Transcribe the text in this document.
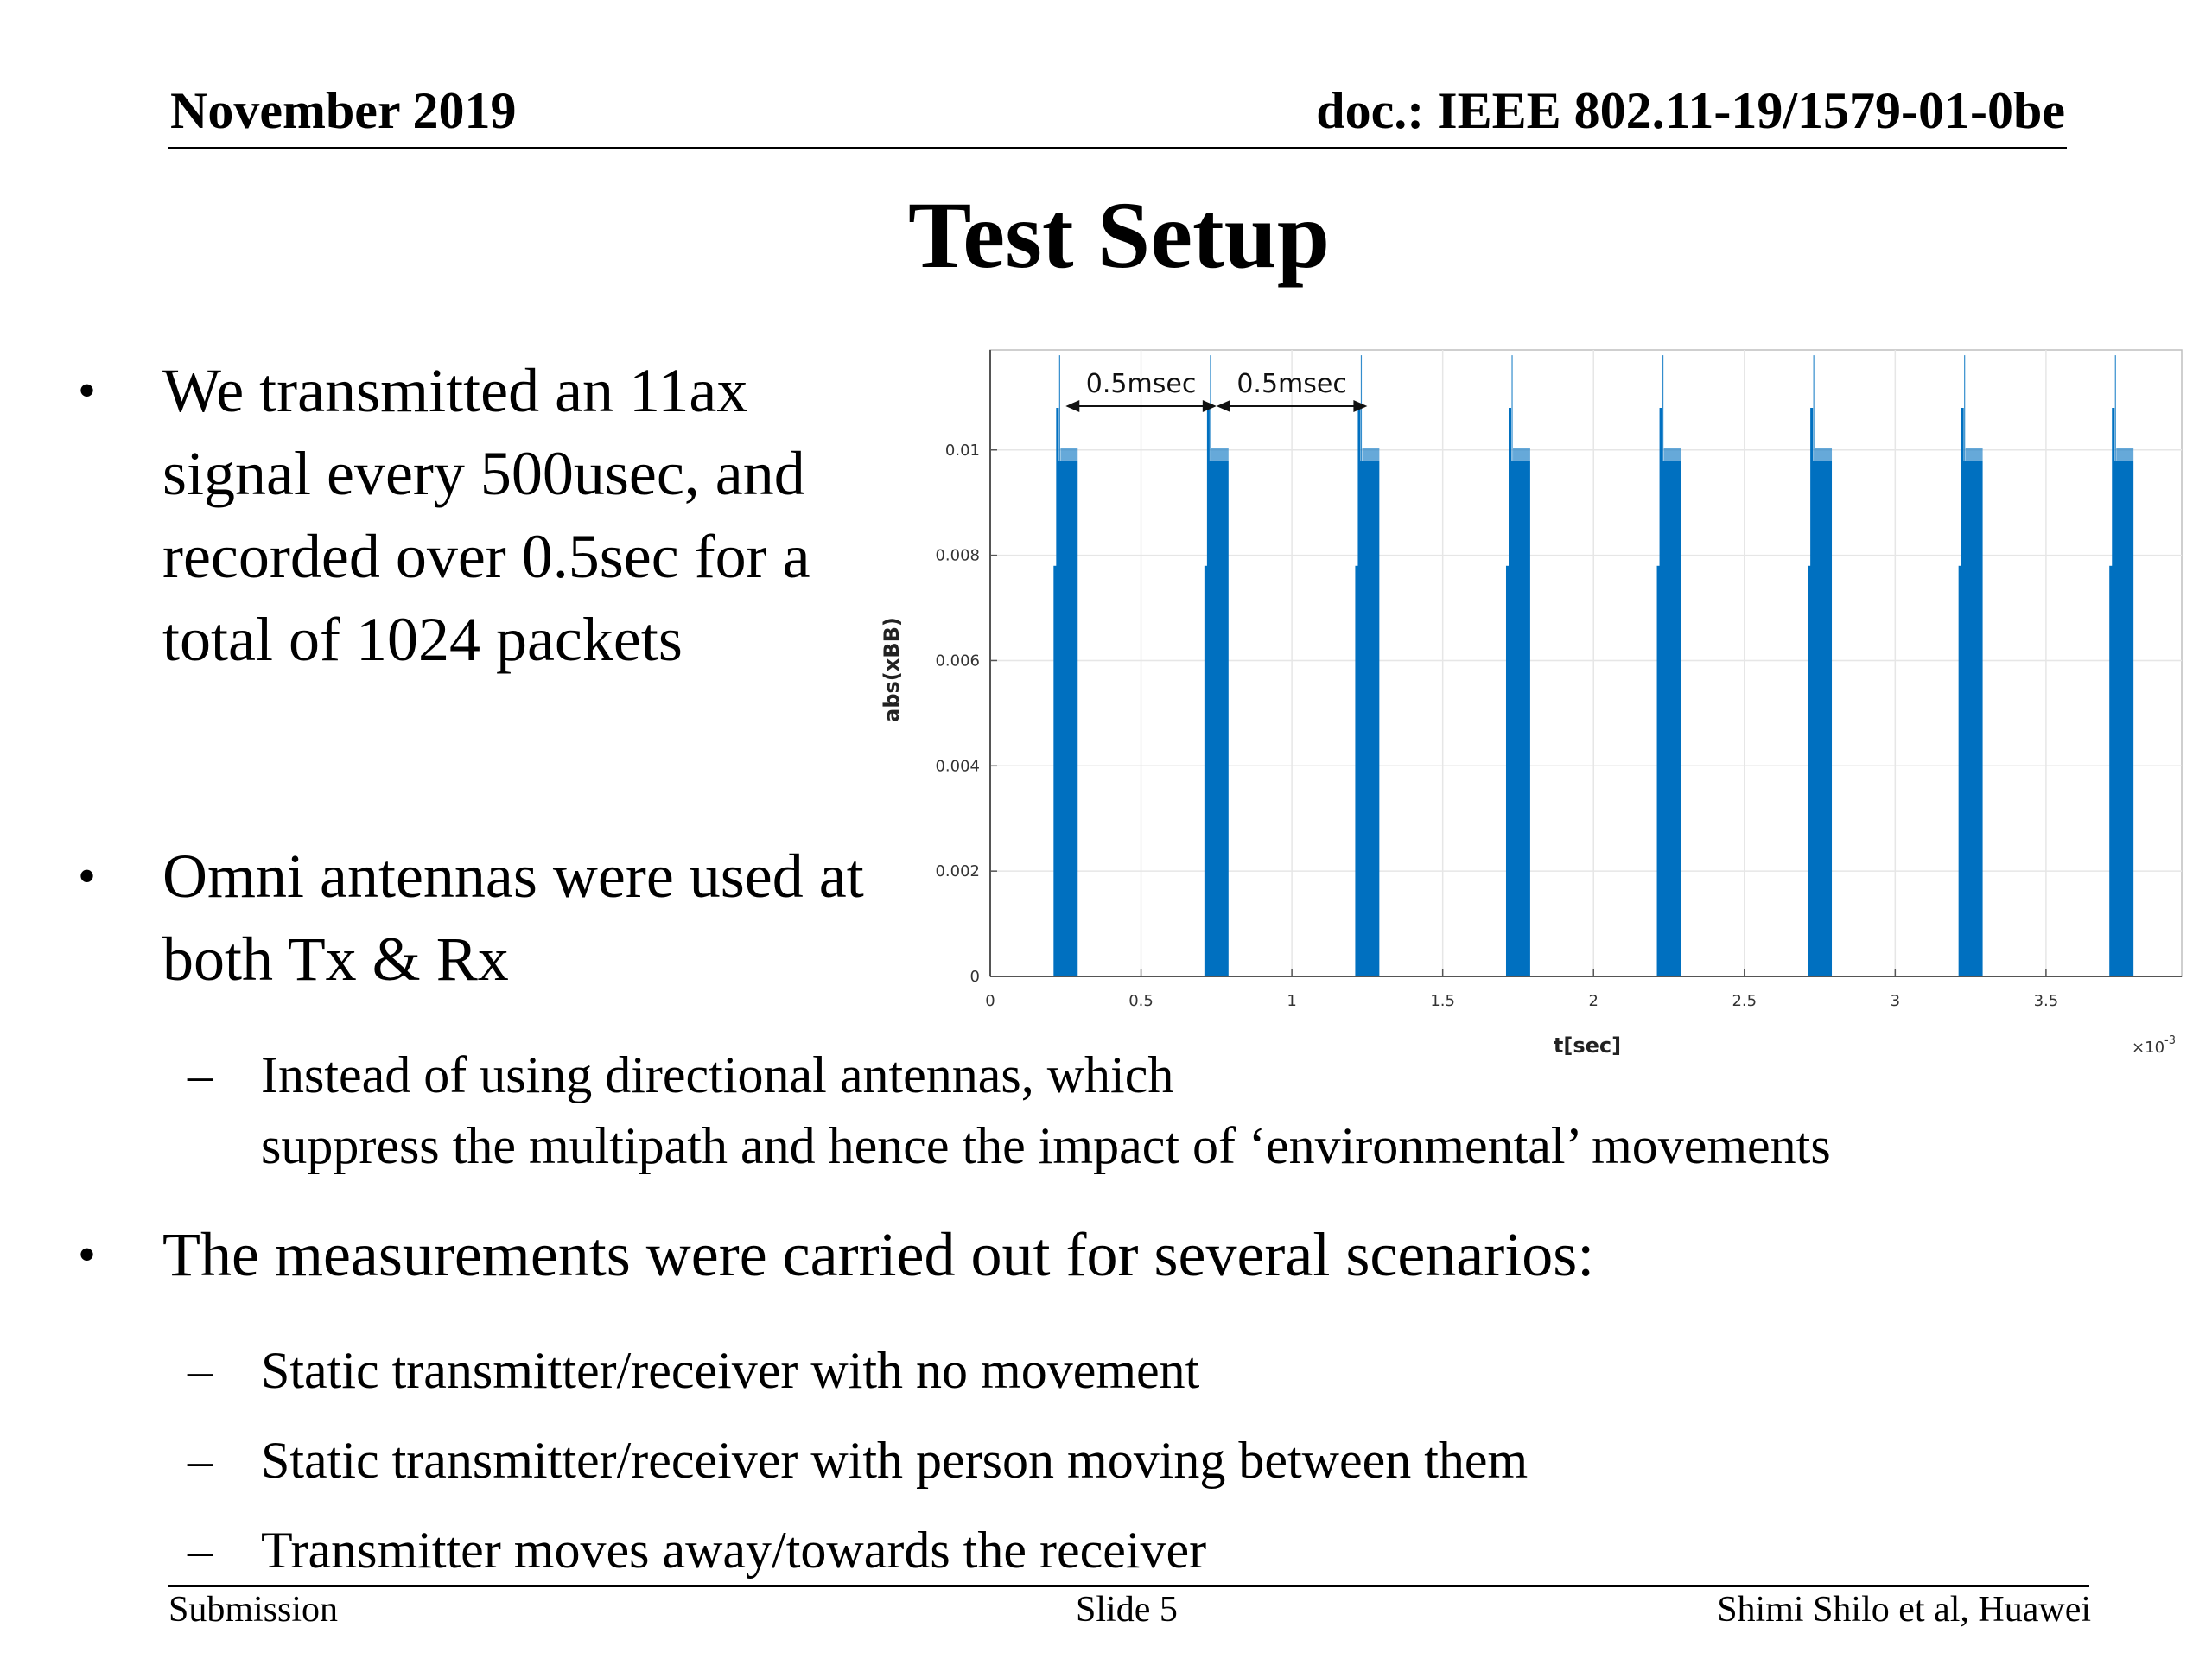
November 2019	doc.: IEEE 802.11-19/1579-01-0be
Test Setup
• We transmitted an 11ax signal every 500usec, and recorded over 0.5sec for a total of 1024 packets
• Omni antennas were used at both Tx & Rx
– Instead of using directional antennas, which
suppress the multipath and hence the impact of ‘environmental’ movements
• The measurements were carried out for several scenarios:
– Static transmitter/receiver with no movement
– Static transmitter/receiver with person moving between them
– Transmitter moves away/towards the receiver
0	0.5	1	1.5	2	2.5	3	3.5
0
0.002
0.004
0.006
0.008
0.01
0.5msec 0.5msec
t[sec]
abs(xBB)
$\times 10^{-3}$
Submission	Slide 5	Shimi Shilo et al, Huawei
